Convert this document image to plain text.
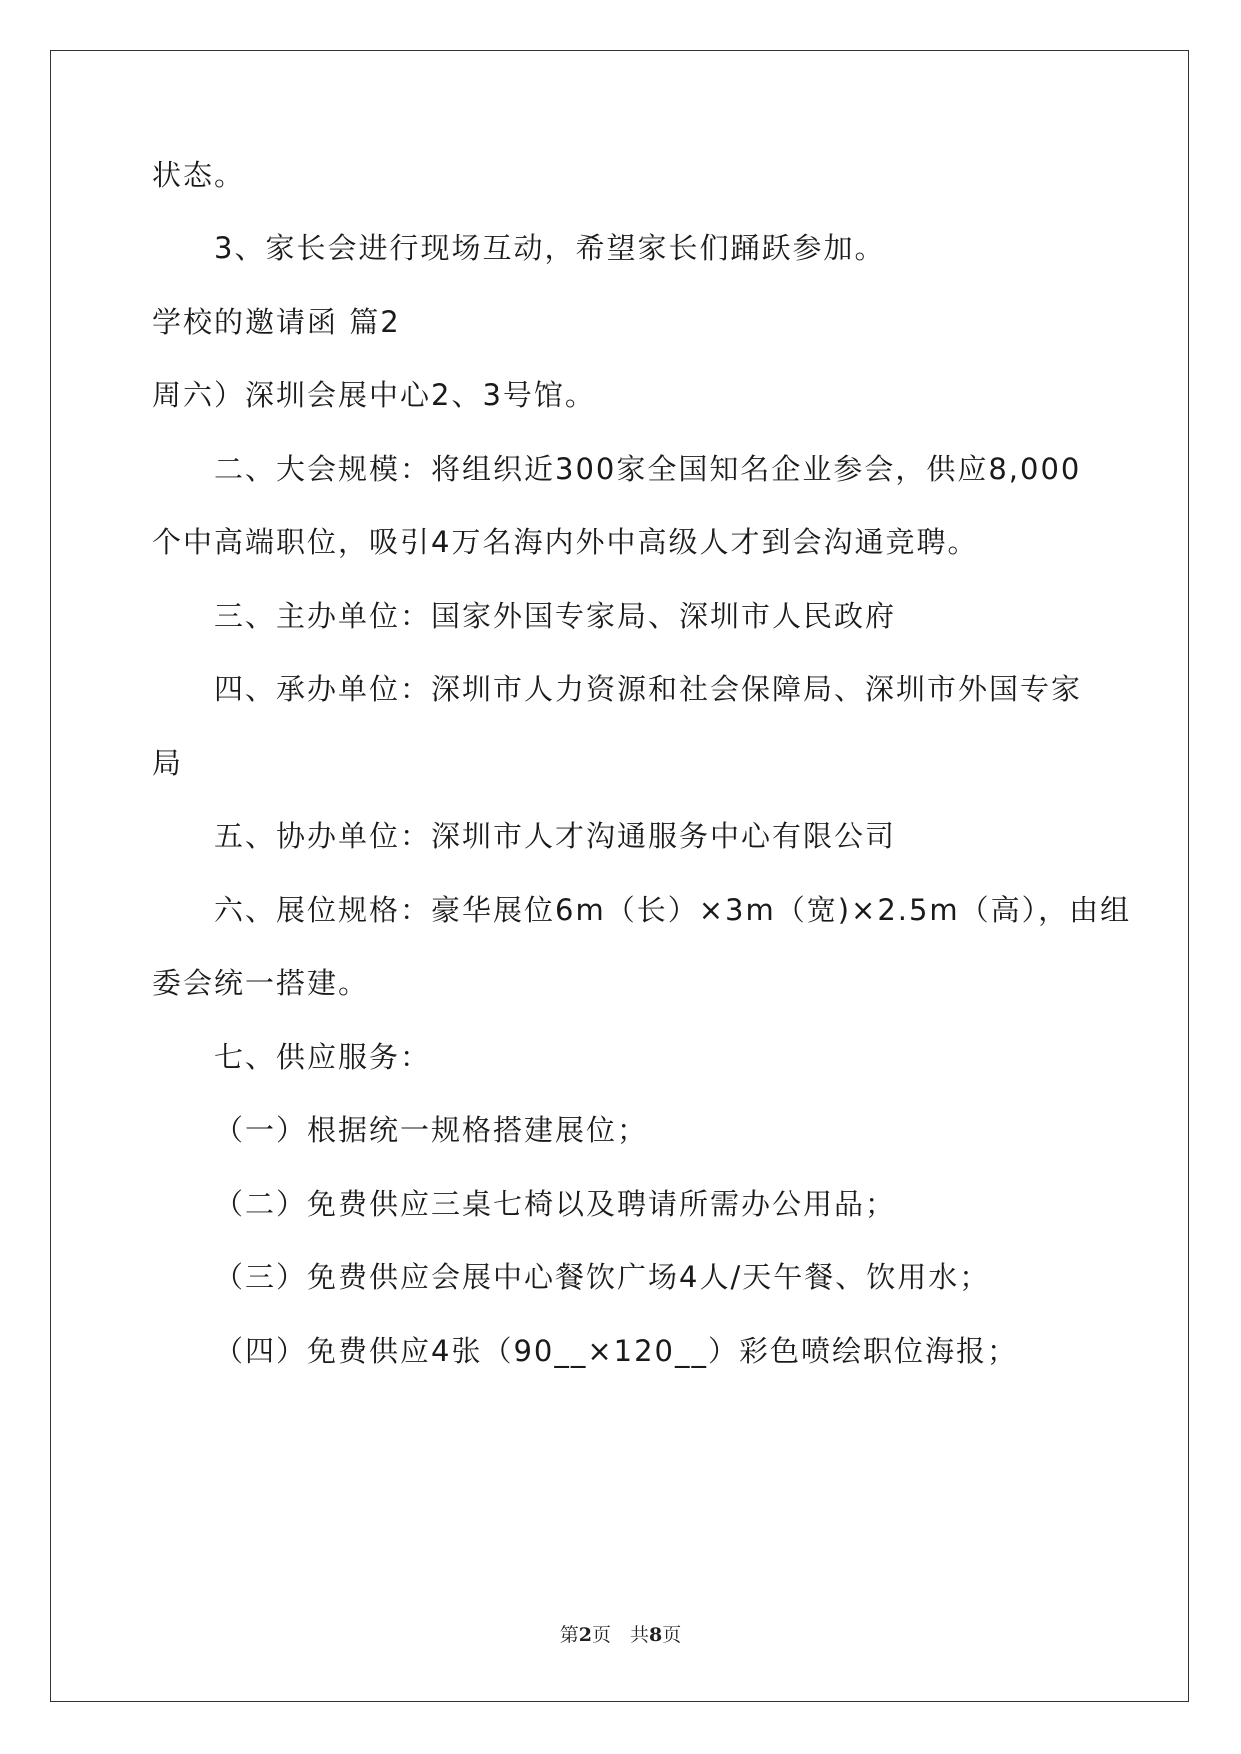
状态。
3、家长会进行现场互动，希望家长们踊跃参加。
学校的邀请函 篇2
周六）深圳会展中心2、3号馆。
二、大会规模：将组织近300家全国知名企业参会，供应8,000
个中高端职位，吸引4万名海内外中高级人才到会沟通竞聘。
三、主办单位：国家外国专家局、深圳市人民政府
四、承办单位：深圳市人力资源和社会保障局、深圳市外国专家
局
五、协办单位：深圳市人才沟通服务中心有限公司
六、展位规格：豪华展位6m（长）×3m（宽)×2.5m（高），由组
委会统一搭建。
七、供应服务：
（一）根据统一规格搭建展位；
（二）免费供应三桌七椅以及聘请所需办公用品；
（三）免费供应会展中心餐饮广场4人/天午餐、饮用水；
（四）免费供应4张（90__×120__）彩色喷绘职位海报；
第2页　共8页
